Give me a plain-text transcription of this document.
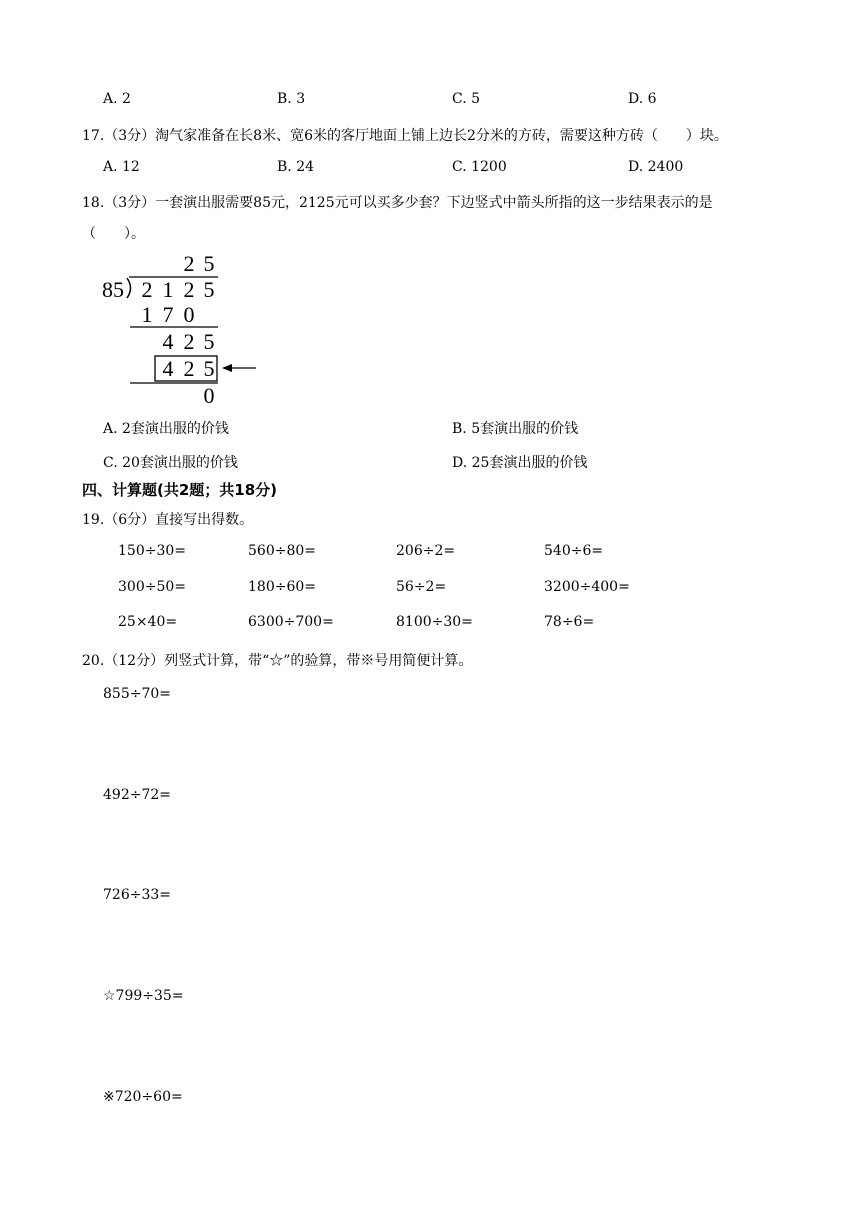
A. 2	B. 3	C. 5	D. 6
17.（3分）淘气家准备在长8米、宽6米的客厅地面上铺上边长2分米的方砖，需要这种方砖（　　）块。
A. 12	B. 24	C. 1200	D. 2400
18.（3分）一套演出服需要85元，2125元可以买多少套？下边竖式中箭头所指的这一步结果表示的是
（　　）。
2 5
85 2 1 2 5
1 7 0
4 2 5
4 2 5
0
A. 2套演出服的价钱	B. 5套演出服的价钱
C. 20套演出服的价钱	D. 25套演出服的价钱
四、计算题(共2题；共18分)
19.（6分）直接写出得数。
150÷30=	560÷80=	206÷2=	540÷6=
300÷50=	180÷60=	56÷2=	3200÷400=
25×40=	6300÷700=	8100÷30=	78÷6=
20.（12分）列竖式计算，带“☆”的验算，带※号用简便计算。
855÷70=
492÷72=
726÷33=
☆799÷35=
※720÷60=
